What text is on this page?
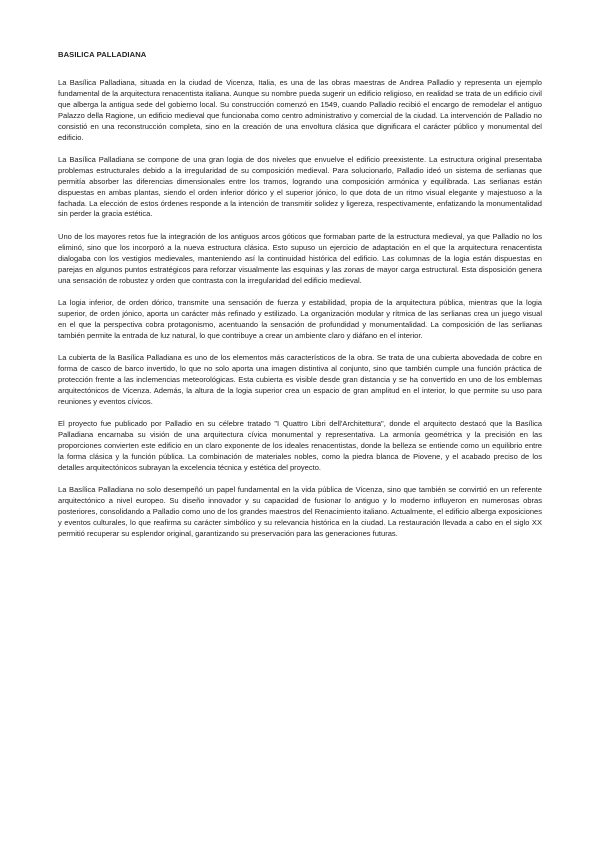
BASILICA PALLADIANA

La Basílica Palladiana, situada en la ciudad de Vicenza, Italia, es una de las obras maestras de Andrea Palladio y representa un ejemplo fundamental de la arquitectura renacentista italiana. Aunque su nombre pueda sugerir un edificio religioso, en realidad se trata de un edificio civil que alberga la antigua sede del gobierno local. Su construcción comenzó en 1549, cuando Palladio recibió el encargo de remodelar el antiguo Palazzo della Ragione, un edificio medieval que funcionaba como centro administrativo y comercial de la ciudad. La intervención de Palladio no consistió en una reconstrucción completa, sino en la creación de una envoltura clásica que dignificara el carácter público y monumental del edificio.

La Basílica Palladiana se compone de una gran logia de dos niveles que envuelve el edificio preexistente. La estructura original presentaba problemas estructurales debido a la irregularidad de su composición medieval. Para solucionarlo, Palladio ideó un sistema de serlianas que permitía absorber las diferencias dimensionales entre los tramos, logrando una composición armónica y equilibrada. Las serlianas están dispuestas en ambas plantas, siendo el orden inferior dórico y el superior jónico, lo que dota de un ritmo visual elegante y majestuoso a la fachada. La elección de estos órdenes responde a la intención de transmitir solidez y ligereza, respectivamente, enfatizando la monumentalidad sin perder la gracia estética.

Uno de los mayores retos fue la integración de los antiguos arcos góticos que formaban parte de la estructura medieval, ya que Palladio no los eliminó, sino que los incorporó a la nueva estructura clásica. Esto supuso un ejercicio de adaptación en el que la arquitectura renacentista dialogaba con los vestigios medievales, manteniendo así la continuidad histórica del edificio. Las columnas de la logia están dispuestas en parejas en algunos puntos estratégicos para reforzar visualmente las esquinas y las zonas de mayor carga estructural. Esta disposición genera una sensación de robustez y orden que contrasta con la irregularidad del edificio medieval.

La logia inferior, de orden dórico, transmite una sensación de fuerza y estabilidad, propia de la arquitectura pública, mientras que la logia superior, de orden jónico, aporta un carácter más refinado y estilizado. La organización modular y rítmica de las serlianas crea un juego visual en el que la perspectiva cobra protagonismo, acentuando la sensación de profundidad y monumentalidad. La composición de las serlianas también permite la entrada de luz natural, lo que contribuye a crear un ambiente claro y diáfano en el interior.

La cubierta de la Basílica Palladiana es uno de los elementos más característicos de la obra. Se trata de una cubierta abovedada de cobre en forma de casco de barco invertido, lo que no solo aporta una imagen distintiva al conjunto, sino que también cumple una función práctica de protección frente a las inclemencias meteorológicas. Esta cubierta es visible desde gran distancia y se ha convertido en uno de los emblemas arquitectónicos de Vicenza. Además, la altura de la logia superior crea un espacio de gran amplitud en el interior, lo que permite su uso para reuniones y eventos cívicos.

El proyecto fue publicado por Palladio en su célebre tratado "I Quattro Libri dell'Architettura", donde el arquitecto destacó que la Basílica Palladiana encarnaba su visión de una arquitectura cívica monumental y representativa. La armonía geométrica y la precisión en las proporciones convierten este edificio en un claro exponente de los ideales renacentistas, donde la belleza se entiende como un equilibrio entre la forma clásica y la función pública. La combinación de materiales nobles, como la piedra blanca de Piovene, y el acabado preciso de los detalles arquitectónicos subrayan la excelencia técnica y estética del proyecto.

La Basílica Palladiana no solo desempeñó un papel fundamental en la vida pública de Vicenza, sino que también se convirtió en un referente arquitectónico a nivel europeo. Su diseño innovador y su capacidad de fusionar lo antiguo y lo moderno influyeron en numerosas obras posteriores, consolidando a Palladio como uno de los grandes maestros del Renacimiento italiano. Actualmente, el edificio alberga exposiciones y eventos culturales, lo que reafirma su carácter simbólico y su relevancia histórica en la ciudad. La restauración llevada a cabo en el siglo XX permitió recuperar su esplendor original, garantizando su preservación para las generaciones futuras.
